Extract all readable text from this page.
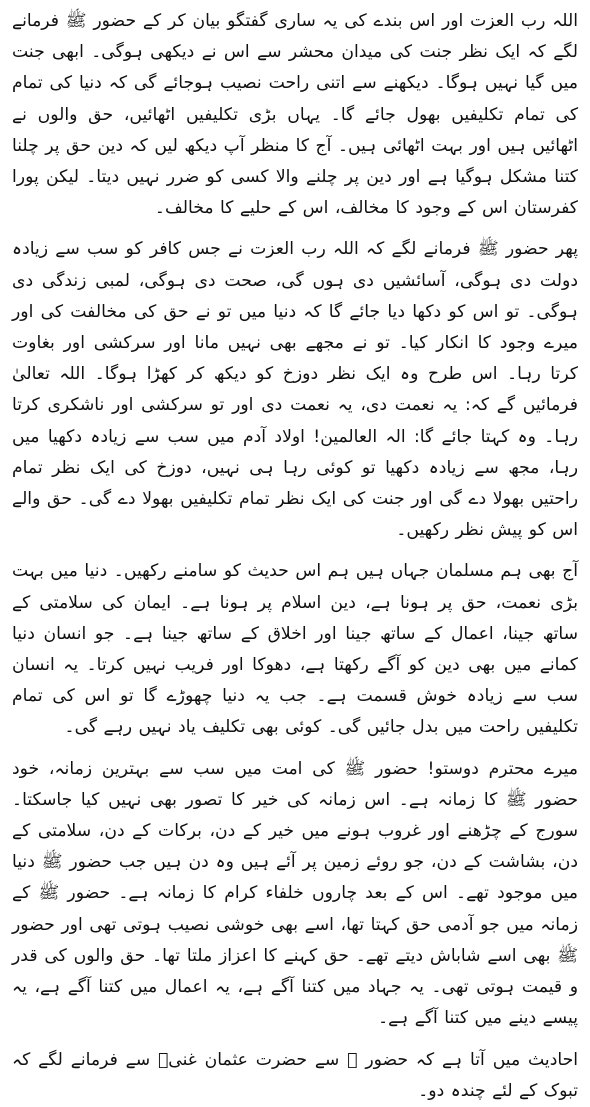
اللہ رب العزت اور اس بندے کی یہ ساری گفتگو بیان کر کے حضور ﷺ فرمانے لگے کہ ایک نظر جنت کی میدان محشر سے اس نے دیکھی ہوگی۔ ابھی جنت میں گیا نہیں ہوگا۔ دیکھنے سے اتنی راحت نصیب ہوجائے گی کہ دنیا کی تمام کی تمام تکلیفیں بھول جائے گا۔ یہاں بڑی تکلیفیں اٹھائیں، حق والوں نے اٹھائیں ہیں اور بہت اٹھائی ہیں۔ آج کا منظر آپ دیکھ لیں کہ دین حق پر چلنا کتنا مشکل ہوگیا ہے اور دین پر چلنے والا کسی کو ضرر نہیں دیتا۔ لیکن پورا کفرستان اس کے وجود کا مخالف، اس کے حلیے کا مخالف۔

پھر حضور ﷺ فرمانے لگے کہ اللہ رب العزت نے جس کافر کو سب سے زیادہ دولت دی ہوگی، آسائشیں دی ہوں گی، صحت دی ہوگی، لمبی زندگی دی ہوگی۔ تو اس کو دکھا دیا جائے گا کہ دنیا میں تو نے حق کی مخالفت کی اور میرے وجود کا انکار کیا۔ تو نے مجھے بھی نہیں مانا اور سرکشی اور بغاوت کرتا رہا۔ اس طرح وہ ایک نظر دوزخ کو دیکھ کر کھڑا ہوگا۔ اللہ تعالیٰ فرمائیں گے کہ: یہ نعمت دی، یہ نعمت دی اور تو سرکشی اور ناشکری کرتا رہا۔ وہ کہتا جائے گا: الہ العالمین! اولاد آدم میں سب سے زیادہ دکھیا میں رہا، مجھ سے زیادہ دکھیا تو کوئی رہا ہی نہیں، دوزخ کی ایک نظر تمام راحتیں بھولا دے گی اور جنت کی ایک نظر تمام تکلیفیں بھولا دے گی۔ حق والے اس کو پیش نظر رکھیں۔

آج بھی ہم مسلمان جہاں ہیں ہم اس حدیث کو سامنے رکھیں۔ دنیا میں بہت بڑی نعمت، حق پر ہونا ہے، دین اسلام پر ہونا ہے۔ ایمان کی سلامتی کے ساتھ جینا، اعمال کے ساتھ جینا اور اخلاق کے ساتھ جینا ہے۔ جو انسان دنیا کمانے میں بھی دین کو آگے رکھتا ہے، دھوکا اور فریب نہیں کرتا۔ یہ انسان سب سے زیادہ خوش قسمت ہے۔ جب یہ دنیا چھوڑے گا تو اس کی تمام تکلیفیں راحت میں بدل جائیں گی۔ کوئی بھی تکلیف یاد نہیں رہے گی۔

میرے محترم دوستو! حضور ﷺ کی امت میں سب سے بہترین زمانہ، خود حضور ﷺ کا زمانہ ہے۔ اس زمانہ کی خیر کا تصور بھی نہیں کیا جاسکتا۔ سورج کے چڑھنے اور غروب ہونے میں خیر کے دن، برکات کے دن، سلامتی کے دن، بشاشت کے دن، جو روئے زمین پر آئے ہیں وہ دن ہیں جب حضور ﷺ دنیا میں موجود تھے۔ اس کے بعد چاروں خلفاء کرام کا زمانہ ہے۔ حضور ﷺ کے زمانہ میں جو آدمی حق کہتا تھا، اسے بھی خوشی نصیب ہوتی تھی اور حضور ﷺ بھی اسے شاباش دیتے تھے۔ حق کہنے کا اعزاز ملتا تھا۔ حق والوں کی قدر و قیمت ہوتی تھی۔ یہ جہاد میں کتنا آگے ہے، یہ اعمال میں کتنا آگے ہے، یہ پیسے دینے میں کتنا آگے ہے۔

احادیث میں آتا ہے کہ حضور ﷺ سے حضرت عثمان غنیؓ سے فرمانے لگے کہ تبوک کے لئے چندہ دو۔
